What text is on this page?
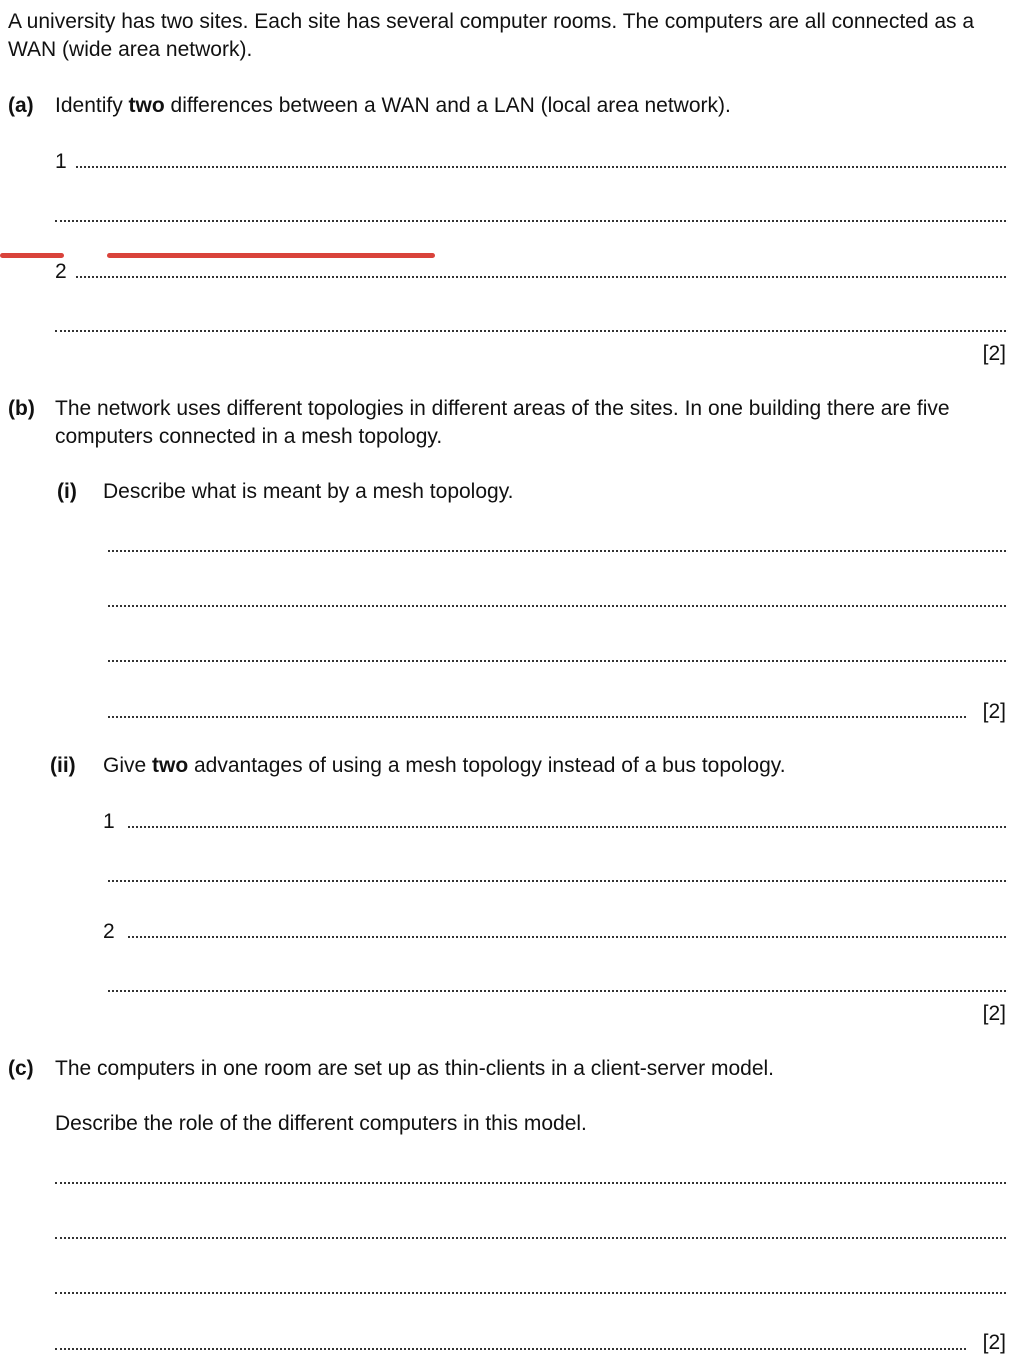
A university has two sites. Each site has several computer rooms. The computers are all connected as a WAN (wide area network).
(a) Identify two differences between a WAN and a LAN (local area network).
1
2
[2]
(b) The network uses different topologies in different areas of the sites. In one building there are five computers connected in a mesh topology.
(i) Describe what is meant by a mesh topology.
[2]
(ii) Give two advantages of using a mesh topology instead of a bus topology.
1
2
[2]
(c) The computers in one room are set up as thin-clients in a client-server model.
Describe the role of the different computers in this model.
[2]
